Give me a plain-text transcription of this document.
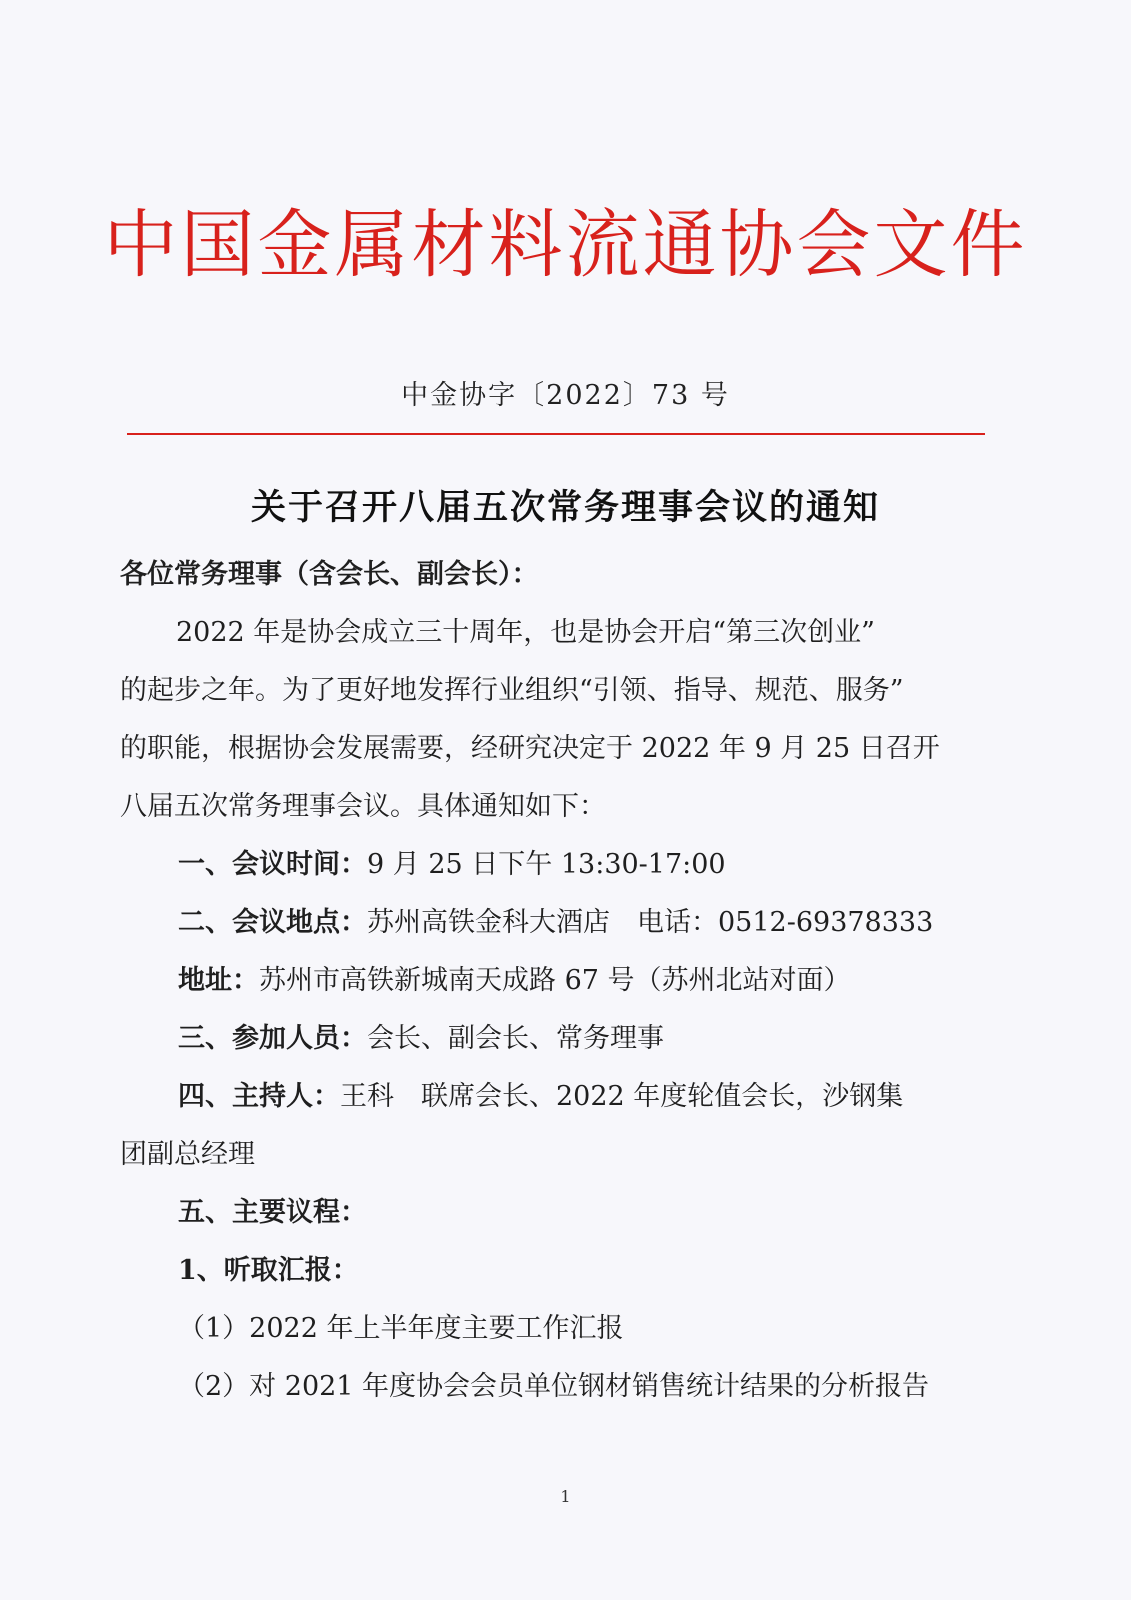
中国金属材料流通协会文件
中金协字〔2022〕73 号
关于召开八届五次常务理事会议的通知
各位常务理事（含会长、副会长）：
2022 年是协会成立三十周年，也是协会开启“第三次创业”
的起步之年。为了更好地发挥行业组织“引领、指导、规范、服务”
的职能，根据协会发展需要，经研究决定于 2022 年 9 月 25 日召开
八届五次常务理事会议。具体通知如下：
一、会议时间：9 月 25 日下午 13:30-17:00
二、会议地点：苏州高铁金科大酒店　电话：0512-69378333
地址：苏州市高铁新城南天成路 67 号（苏州北站对面）
三、参加人员：会长、副会长、常务理事
四、主持人：王科　联席会长、2022 年度轮值会长，沙钢集
团副总经理
五、主要议程：
1、听取汇报：
（1）2022 年上半年度主要工作汇报
（2）对 2021 年度协会会员单位钢材销售统计结果的分析报告
1
